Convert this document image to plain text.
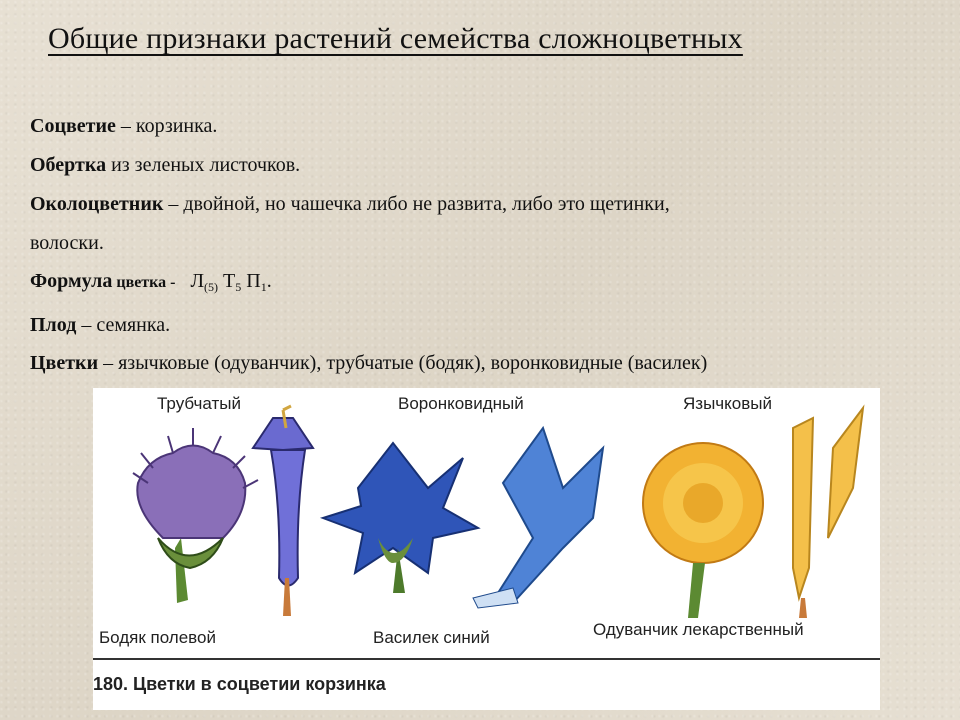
Общие признаки растений семейства сложноцветных
Соцветие – корзинка.
Обертка из зеленых листочков.
Околоцветник – двойной, но чашечка либо не развита, либо это щетинки,
волоски.
Формула цветка - $Л_{(5)}$ $Т_5$ $П_1$.
Плод – семянка.
Цветки – язычковые (одуванчик), трубчатые (бодяк), воронковидные (василек)
Трубчатый	Воронковидный	Язычковый
Бодяк полевой	Василек синий	Одуванчик лекарственный
180. Цветки в соцветии корзинка
